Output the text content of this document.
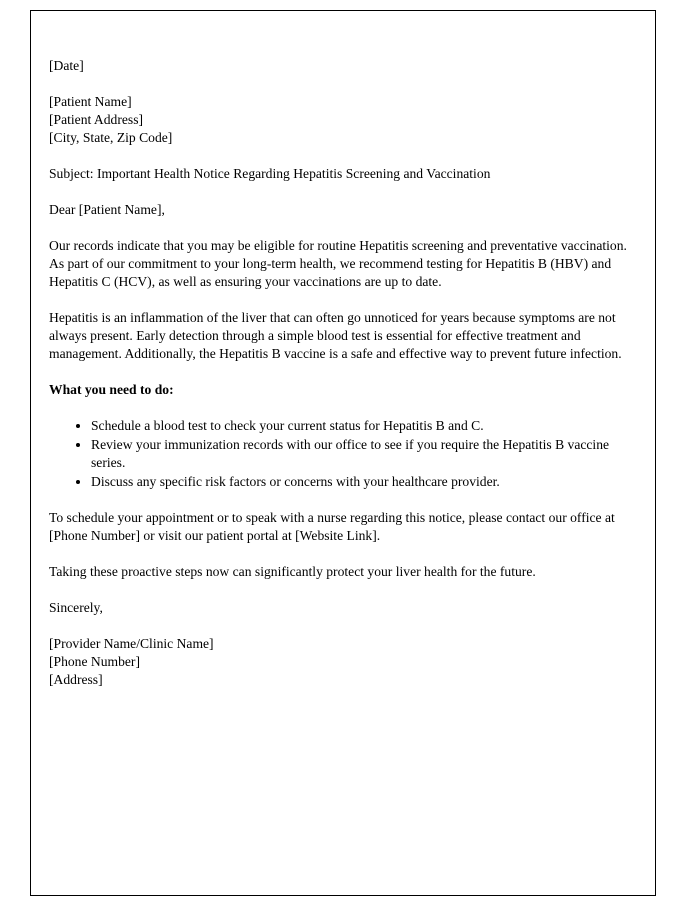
[Date]

[Patient Name]

[Patient Address]

[City, State, Zip Code]

Subject: Important Health Notice Regarding Hepatitis Screening and Vaccination

Dear [Patient Name],

Our records indicate that you may be eligible for routine Hepatitis screening and preventative vaccination. As part of our commitment to your long-term health, we recommend testing for Hepatitis B (HBV) and Hepatitis C (HCV), as well as ensuring your vaccinations are up to date.

Hepatitis is an inflammation of the liver that can often go unnoticed for years because symptoms are not always present. Early detection through a simple blood test is essential for effective treatment and management. Additionally, the Hepatitis B vaccine is a safe and effective way to prevent future infection.

What you need to do:

• Schedule a blood test to check your current status for Hepatitis B and C.
• Review your immunization records with our office to see if you require the Hepatitis B vaccine series.
• Discuss any specific risk factors or concerns with your healthcare provider.

To schedule your appointment or to speak with a nurse regarding this notice, please contact our office at [Phone Number] or visit our patient portal at [Website Link].

Taking these proactive steps now can significantly protect your liver health for the future.

Sincerely,

[Provider Name/Clinic Name]

[Phone Number]

[Address]
